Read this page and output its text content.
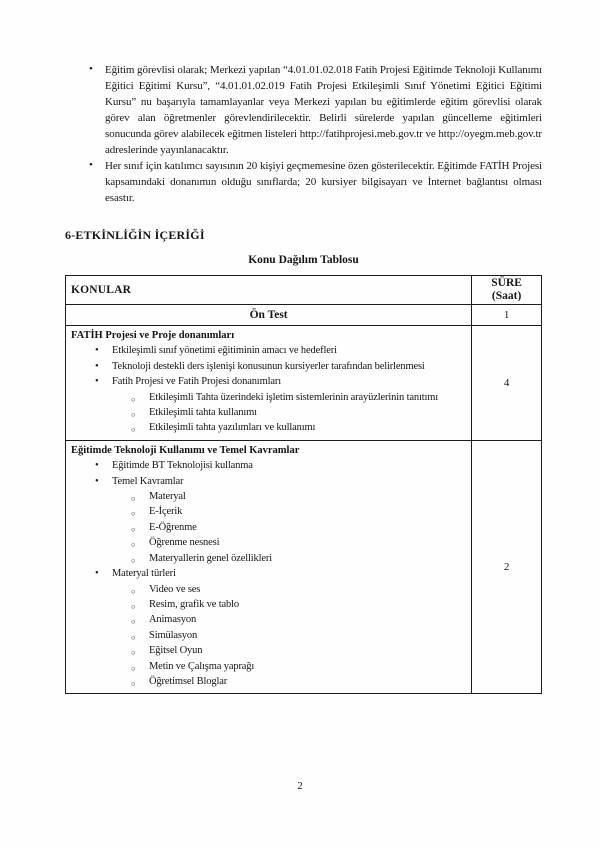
• Eğitim görevlisi olarak; Merkezi yapılan “4.01.01.02.018 Fatih Projesi Eğitimde Teknoloji Kullanımı Eğitici Eğitimi Kursu”, “4.01.01.02.019 Fatih Projesi Etkileşimli Sınıf Yönetimi Eğitici Eğitimi Kursu” nu başarıyla tamamlayanlar veya Merkezi yapılan bu eğitimlerde eğitim görevlisi olarak görev alan öğretmenler görevlendirilecektir. Belirli sürelerde yapılan güncelleme eğitimleri sonucunda görev alabilecek eğitmen listeleri http://fatihprojesi.meb.gov.tr ve http://oyegm.meb.gov.tr adreslerinde yayınlanacaktır.
• Her sınıf için katılımcı sayısının 20 kişiyi geçmemesine özen gösterilecektir. Eğitimde FATİH Projesi kapsamındaki donanımın olduğu sınıflarda; 20 kursiyer bilgisayarı ve İnternet bağlantısı olması esastır.
6-ETKİNLİĞİN İÇERİĞİ
Konu Dağılım Tablosu
KONULAR	SÜRE
(Saat)

Ön Test	1

FATİH Projesi ve Proje donanımları
• Etkileşimli sınıf yönetimi eğitiminin amacı ve hedefleri
• Teknoloji destekli ders işlenişi konusunun kursiyerler tarafından belirlenmesi
• Fatih Projesi ve Fatih Projesi donanımları
○ Etkileşimli Tahta üzerindeki işletim sistemlerinin arayüzlerinin tanıtımı
○ Etkileşimli tahta kullanımı
○ Etkileşimli tahta yazılımları ve kullanımı
	4

Eğitimde Teknoloji Kullanımı ve Temel Kavramlar
• Eğitimde BT Teknolojisi kullanma
• Temel Kavramlar
○ Materyal
○ E-İçerik
○ E-Öğrenme
○ Öğrenme nesnesi
○ Materyallerin genel özellikleri
• Materyal türleri
○ Video ve ses
○ Resim, grafik ve tablo
○ Animasyon
○ Simülasyon
○ Eğitsel Oyun
○ Metin ve Çalışma yaprağı
○ Öğretimsel Bloglar
	2
2
